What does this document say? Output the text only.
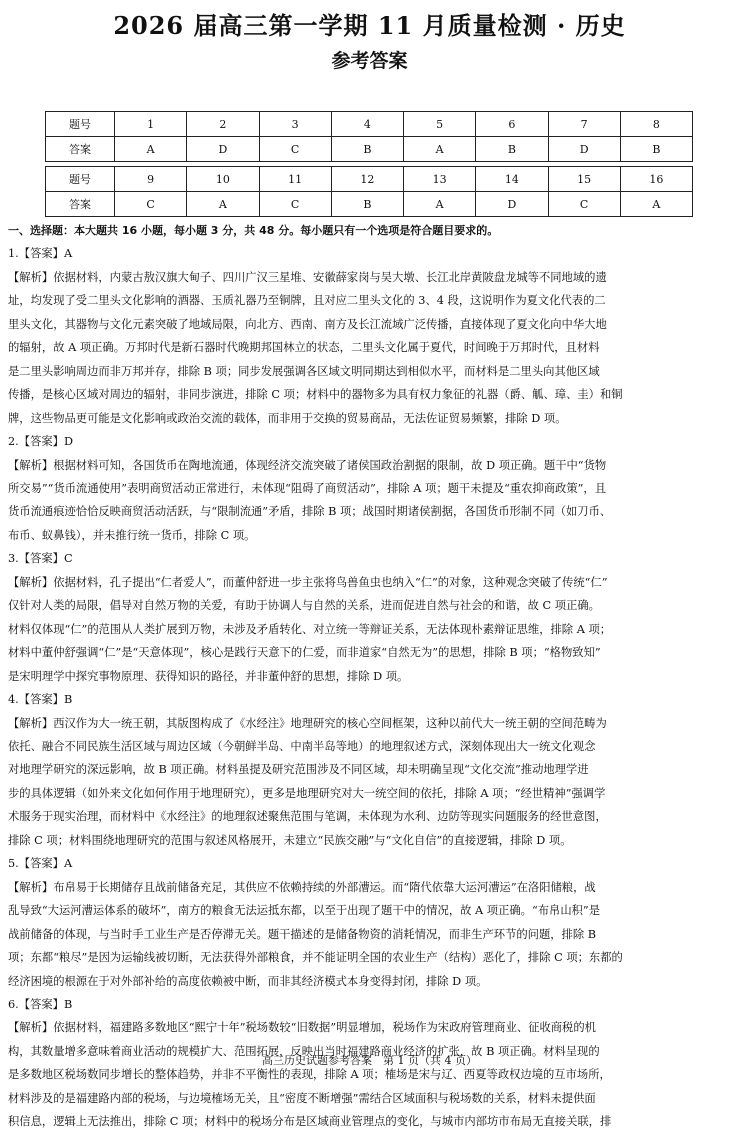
2026 届高三第一学期 11 月质量检测 · 历史
参考答案
题号	1	2	3	4	5	6	7	8
答案	A	D	C	B	A	B	D	B

题号	9	10	11	12	13	14	15	16
答案	C	A	C	B	A	D	C	A

一、选择题：本大题共 16 小题，每小题 3 分，共 48 分。每小题只有一个选项是符合题目要求的。

1.【答案】A

【解析】依据材料，内蒙古敖汉旗大甸子、四川广汉三星堆、安徽薛家岗与吴大墩、长江北岸黄陂盘龙城等不同地域的遗

址，均发现了受二里头文化影响的酒器、玉质礼器乃至铜牌，且对应二里头文化的 3、4 段，这说明作为夏文化代表的二

里头文化，其器物与文化元素突破了地域局限，向北方、西南、南方及长江流域广泛传播，直接体现了夏文化向中华大地

的辐射，故 A 项正确。万邦时代是新石器时代晚期邦国林立的状态，二里头文化属于夏代，时间晚于万邦时代，且材料

是二里头影响周边而非万邦并存，排除 B 项；同步发展强调各区域文明同期达到相似水平，而材料是二里头向其他区域

传播，是核心区域对周边的辐射，非同步演进，排除 C 项；材料中的器物多为具有权力象征的礼器（爵、觚、璋、圭）和铜

牌，这些物品更可能是文化影响或政治交流的载体，而非用于交换的贸易商品，无法佐证贸易频繁，排除 D 项。

2.【答案】D

【解析】根据材料可知，各国货币在陶地流通，体现经济交流突破了诸侯国政治割据的限制，故 D 项正确。题干中“货物

所交易”“货币流通使用”表明商贸活动正常进行，未体现“阻碍了商贸活动”，排除 A 项；题干未提及“重农抑商政策”，且

货币流通痕迹恰恰反映商贸活动活跃，与“限制流通”矛盾，排除 B 项；战国时期诸侯割据，各国货币形制不同（如刀币、

布币、蚁鼻钱），并未推行统一货币，排除 C 项。

3.【答案】C

【解析】依据材料，孔子提出“仁者爱人”，而董仲舒进一步主张将鸟兽鱼虫也纳入“仁”的对象，这种观念突破了传统“仁”

仅针对人类的局限，倡导对自然万物的关爱，有助于协调人与自然的关系，进而促进自然与社会的和谐，故 C 项正确。

材料仅体现“仁”的范围从人类扩展到万物，未涉及矛盾转化、对立统一等辩证关系，无法体现朴素辩证思维，排除 A 项；

材料中董仲舒强调“仁”是“天意体现”，核心是践行天意下的仁爱，而非道家“自然无为”的思想，排除 B 项；“格物致知”

是宋明理学中探究事物原理、获得知识的路径，并非董仲舒的思想，排除 D 项。

4.【答案】B

【解析】西汉作为大一统王朝，其版图构成了《水经注》地理研究的核心空间框架，这种以前代大一统王朝的空间范畴为

依托、融合不同民族生活区域与周边区域（今朝鲜半岛、中南半岛等地）的地理叙述方式，深刻体现出大一统文化观念

对地理学研究的深远影响，故 B 项正确。材料虽提及研究范围涉及不同区域，却未明确呈现“文化交流”推动地理学进

步的具体逻辑（如外来文化如何作用于地理研究），更多是地理研究对大一统空间的依托，排除 A 项；“经世精神”强调学

术服务于现实治理，而材料中《水经注》的地理叙述聚焦范围与笔调，未体现为水利、边防等现实问题服务的经世意图，

排除 C 项；材料围绕地理研究的范围与叙述风格展开，未建立“民族交融”与“文化自信”的直接逻辑，排除 D 项。

5.【答案】A

【解析】布帛易于长期储存且战前储备充足，其供应不依赖持续的外部漕运。而“隋代依靠大运河漕运”在洛阳储粮，战

乱导致“大运河漕运体系的破坏”，南方的粮食无法运抵东都，以至于出现了题干中的情况，故 A 项正确。“布帛山积”是

战前储备的体现，与当时手工业生产是否停滞无关。题干描述的是储备物资的消耗情况，而非生产环节的问题，排除 B

项；东都“粮尽”是因为运输线被切断，无法获得外部粮食，并不能证明全国的农业生产（结构）恶化了，排除 C 项；东都的

经济困境的根源在于对外部补给的高度依赖被中断，而非其经济模式本身变得封闭，排除 D 项。

6.【答案】B

【解析】依据材料，福建路多数地区“熙宁十年”税场数较“旧数据”明显增加，税场作为宋政府管理商业、征收商税的机

构，其数量增多意味着商业活动的规模扩大、范围拓展，反映出当时福建路商业经济的扩张，故 B 项正确。材料呈现的

是多数地区税场数同步增长的整体趋势，并非不平衡性的表现，排除 A 项；榷场是宋与辽、西夏等政权边境的互市场所，

材料涉及的是福建路内部的税场，与边境榷场无关，且“密度不断增强”需结合区域面积与税场数的关系，材料未提供面

积信息，逻辑上无法推出，排除 C 项；材料中的税场分布是区域商业管理点的变化，与城市内部坊市布局无直接关联，排

高三历史试题参考答案　第 1 页（共 4 页）
